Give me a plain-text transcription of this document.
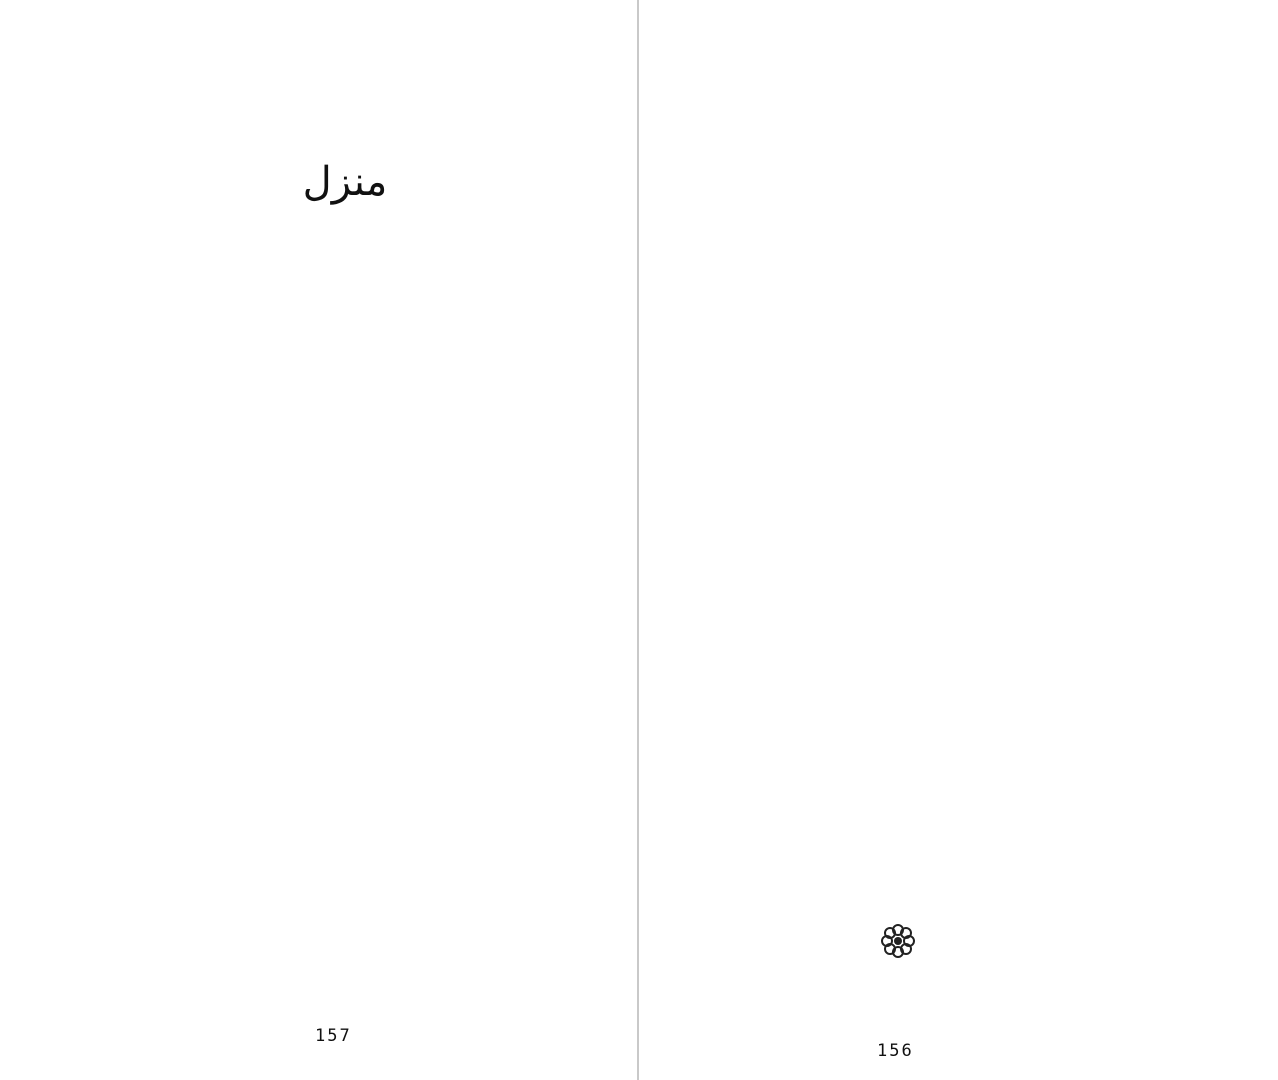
منزل
157
156
